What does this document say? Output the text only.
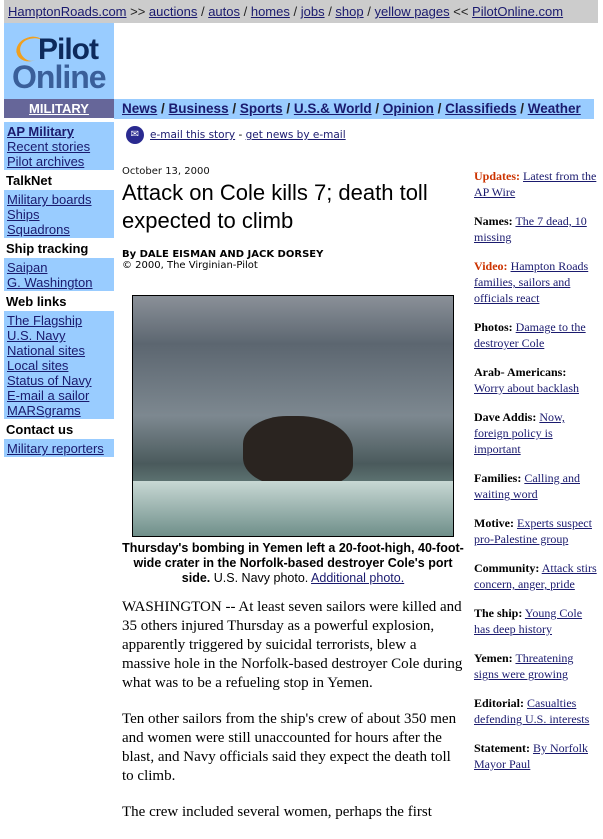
HamptonRoads.com >> auctions / autos / homes / jobs / shop / yellow pages << PilotOnline.com
Pilot
Online
MILITARY	News / Business / Sports / U.S.& World / Opinion / Classifieds / Weather
AP Military
Recent stories
Pilot archives
TalkNet
Military boards
Ships
Squadrons
Ship tracking
Saipan
G. Washington
Web links
The Flagship
U.S. Navy
National sites
Local sites
Status of Navy
E-mail a sailor
MARSgrams
Contact us
Military reporters
✉	e-mail this story - get news by e-mail
October 13, 2000
Attack on Cole kills 7; death toll expected to climb
By DALE EISMAN AND JACK DORSEY
© 2000, The Virginian-Pilot
Thursday's bombing in Yemen left a 20-foot-high, 40-foot-wide crater in the Norfolk-based destroyer Cole's port side. U.S. Navy photo. Additional photo.

WASHINGTON -- At least seven sailors were killed and 35 others injured Thursday as a powerful explosion, apparently triggered by suicidal terrorists, blew a massive hole in the Norfolk-based destroyer Cole during what was to be a refueling stop in Yemen.

Ten other sailors from the ship's crew of about 350 men and women were still unaccounted for hours after the blast, and Navy officials said they expect the death toll to climb.

The crew included several women, perhaps the first

Updates: Latest from the AP Wire
Names: The 7 dead, 10 missing
Video: Hampton Roads families, sailors and officials react
Photos: Damage to the destroyer Cole
Arab- Americans: Worry about backlash
Dave Addis: Now, foreign policy is important
Families: Calling and waiting word
Motive: Experts suspect pro-Palestine group
Community: Attack stirs concern, anger, pride
The ship: Young Cole has deep history
Yemen: Threatening signs were growing
Editorial: Casualties defending U.S. interests
Statement: By Norfolk Mayor Paul
